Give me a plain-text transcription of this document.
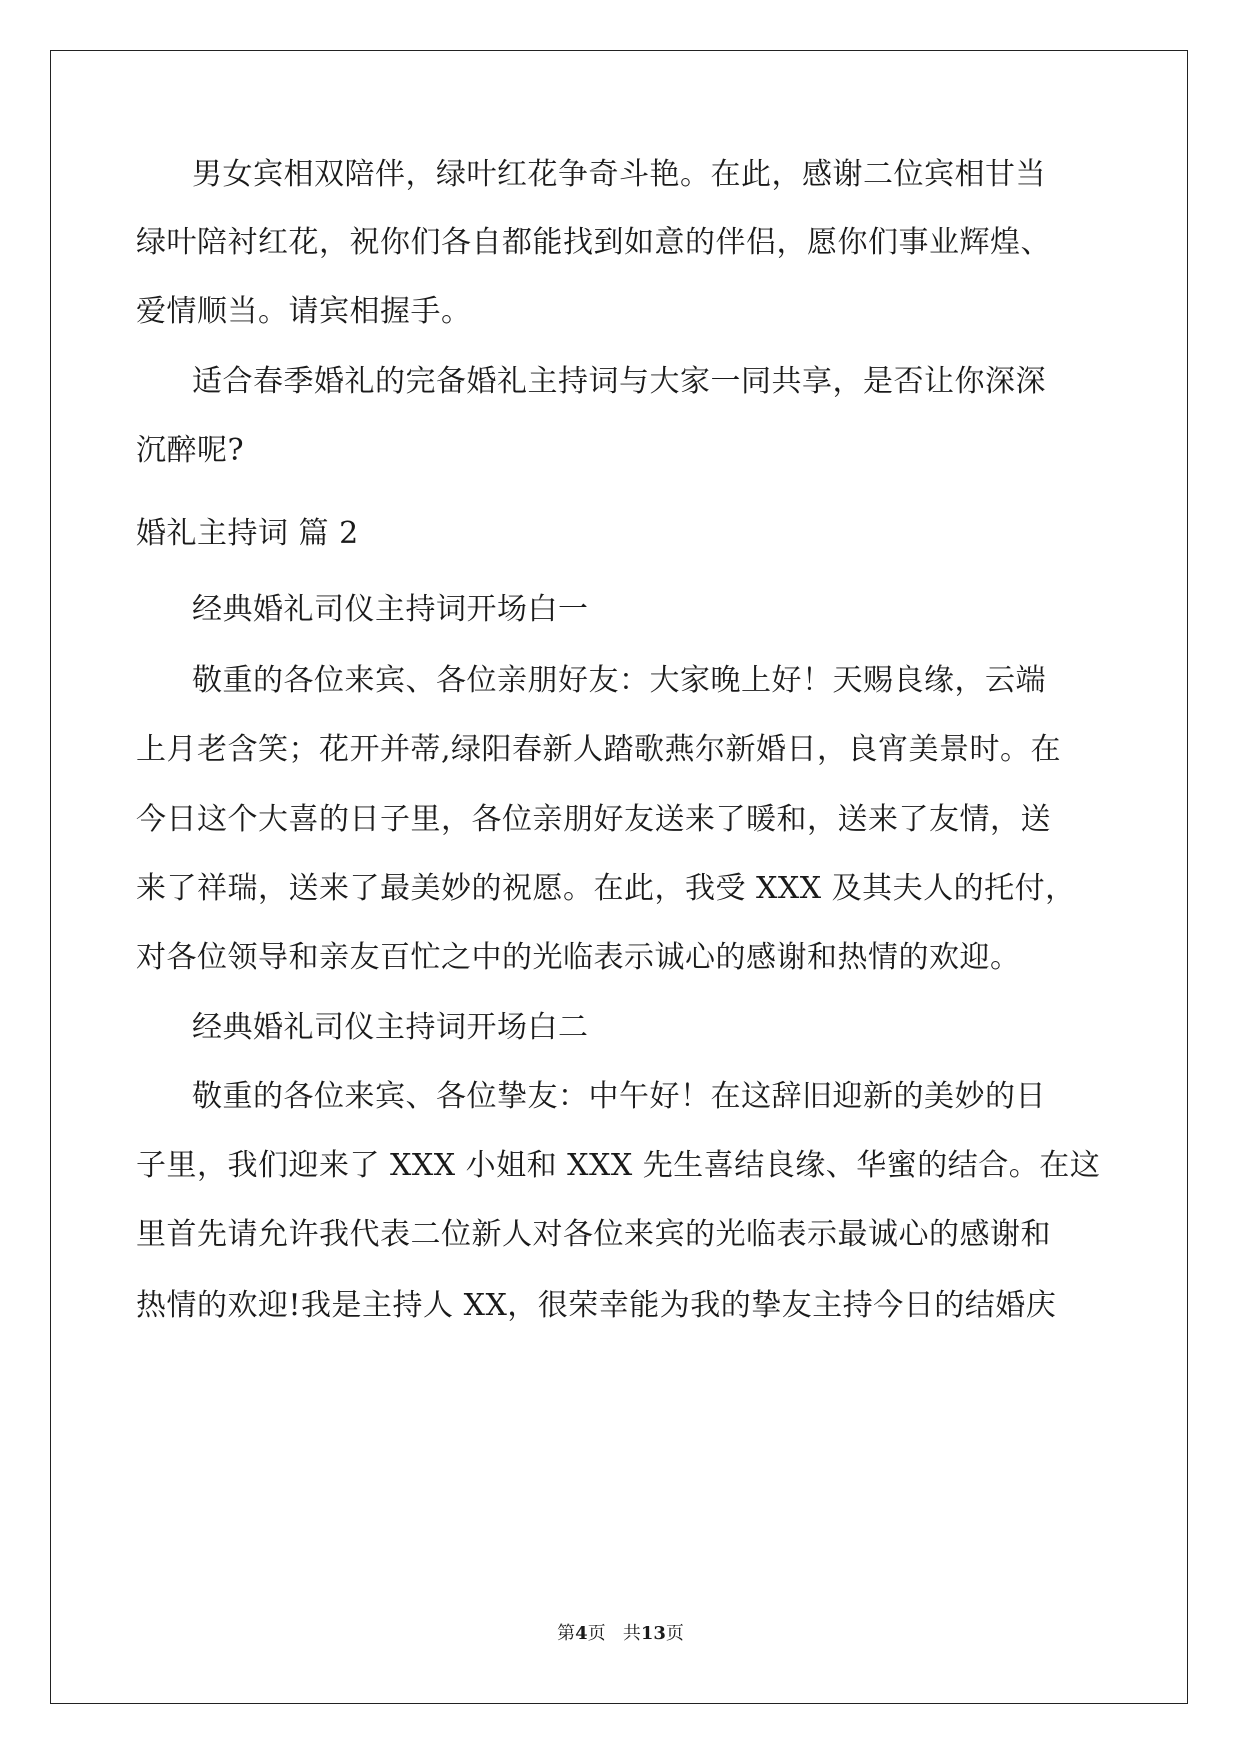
男女宾相双陪伴，绿叶红花争奇斗艳。在此，感谢二位宾相甘当
绿叶陪衬红花，祝你们各自都能找到如意的伴侣，愿你们事业辉煌、
爱情顺当。请宾相握手。
适合春季婚礼的完备婚礼主持词与大家一同共享，是否让你深深
沉醉呢?
婚礼主持词 篇 2
经典婚礼司仪主持词开场白一
敬重的各位来宾、各位亲朋好友：大家晚上好！天赐良缘，云端
上月老含笑；花开并蒂,绿阳春新人踏歌燕尔新婚日，良宵美景时。在
今日这个大喜的日子里，各位亲朋好友送来了暖和，送来了友情，送
来了祥瑞，送来了最美妙的祝愿。在此，我受 XXX 及其夫人的托付，
对各位领导和亲友百忙之中的光临表示诚心的感谢和热情的欢迎。
经典婚礼司仪主持词开场白二
敬重的各位来宾、各位挚友：中午好！在这辞旧迎新的美妙的日
子里，我们迎来了 XXX 小姐和 XXX 先生喜结良缘、华蜜的结合。在这
里首先请允许我代表二位新人对各位来宾的光临表示最诚心的感谢和
热情的欢迎!我是主持人 XX，很荣幸能为我的挚友主持今日的结婚庆
第4页 共13页
